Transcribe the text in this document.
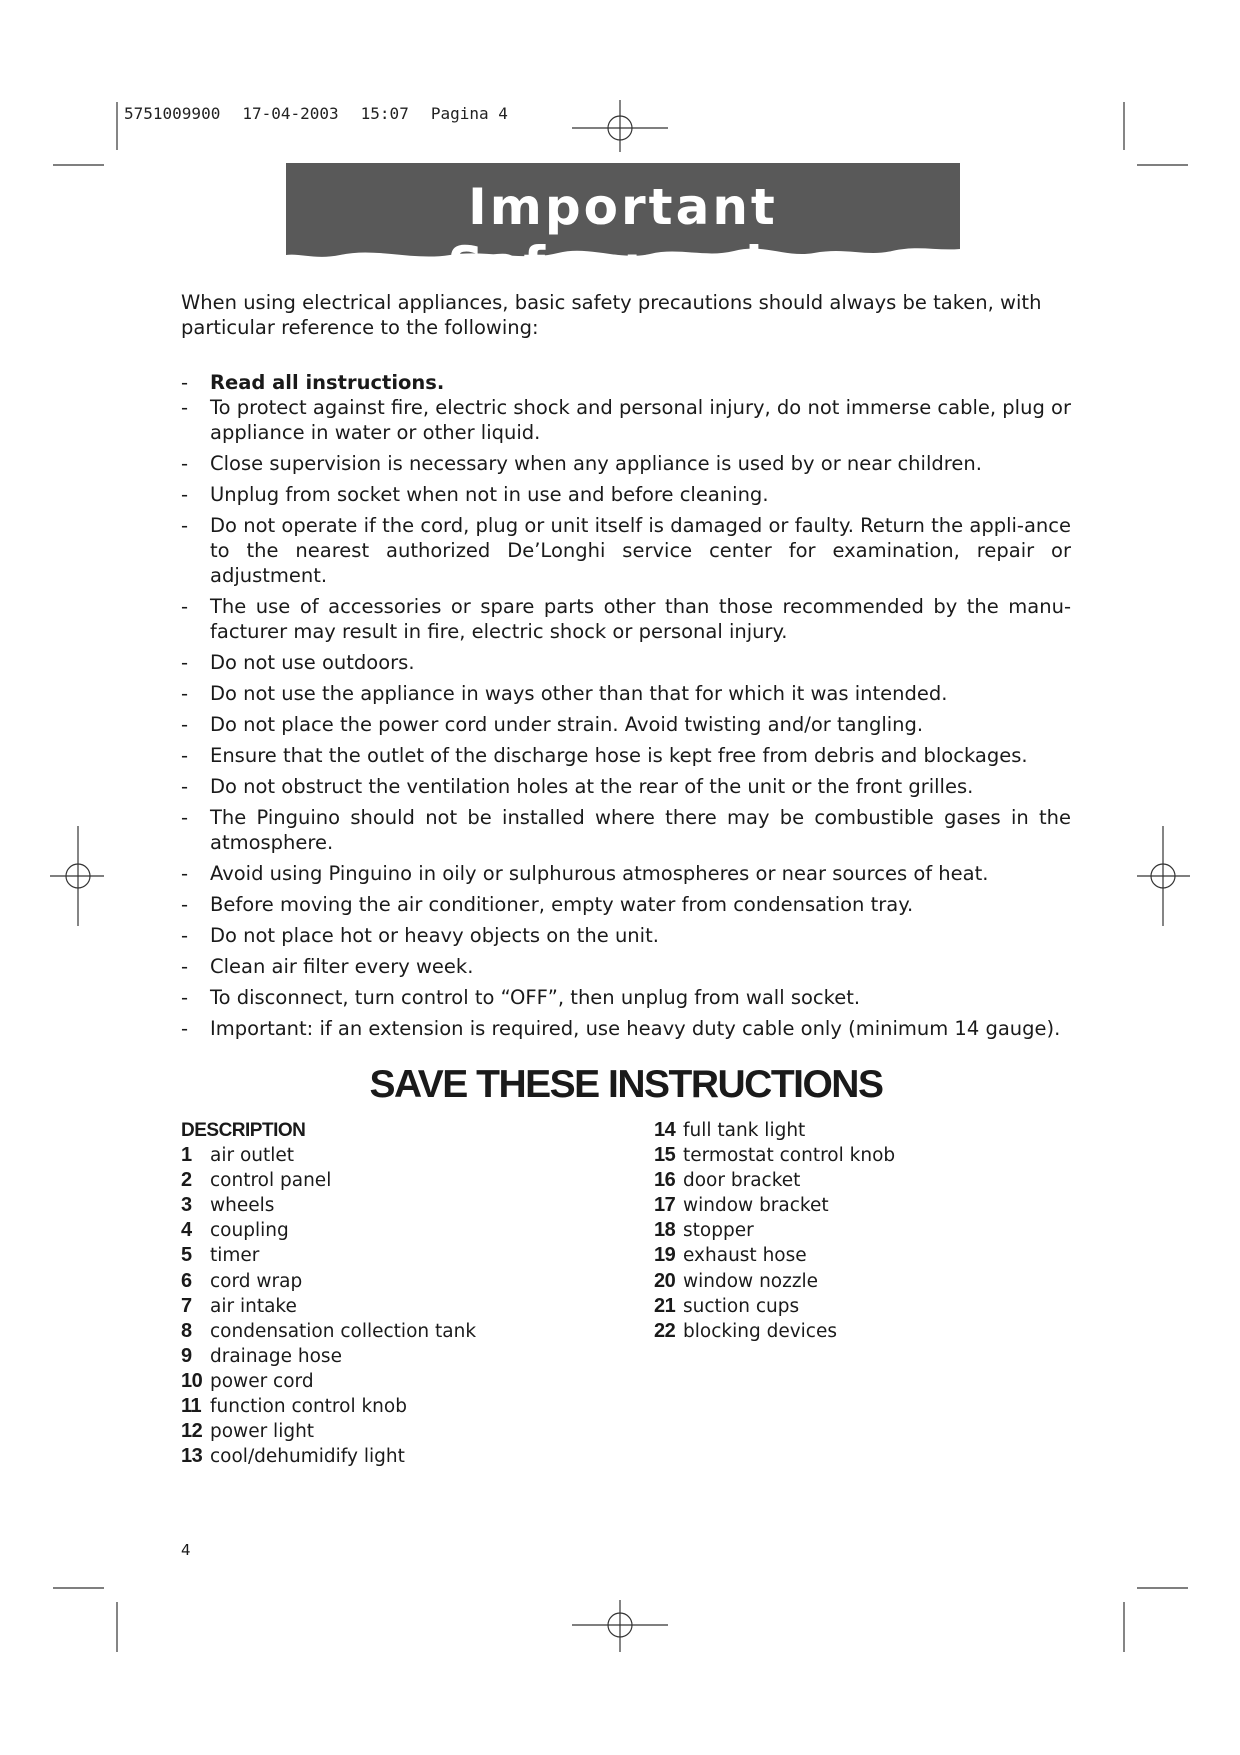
5751009900 17-04-2003 15:07 Pagina 4
Important Safeguards

When using electrical appliances, basic safety precautions should always be taken, with particular reference to the following:

- Read all instructions.
- To protect against fire, electric shock and personal injury, do not immerse cable, plug or appliance in water or other liquid.
- Close supervision is necessary when any appliance is used by or near children.
- Unplug from socket when not in use and before cleaning.
- Do not operate if the cord, plug or unit itself is damaged or faulty. Return the appli-ance to the nearest authorized De’Longhi service center for examination, repair or adjustment.
- The use of accessories or spare parts other than those recommended by the manu-facturer may result in fire, electric shock or personal injury.
- Do not use outdoors.
- Do not use the appliance in ways other than that for which it was intended.
- Do not place the power cord under strain. Avoid twisting and/or tangling.
- Ensure that the outlet of the discharge hose is kept free from debris and blockages.
- Do not obstruct the ventilation holes at the rear of the unit or the front grilles.
- The Pinguino should not be installed where there may be combustible gases in the atmosphere.
- Avoid using Pinguino in oily or sulphurous atmospheres or near sources of heat.
- Before moving the air conditioner, empty water from condensation tray.
- Do not place hot or heavy objects on the unit.
- Clean air filter every week.
- To disconnect, turn control to “OFF”, then unplug from wall socket.
- Important: if an extension is required, use heavy duty cable only (minimum 14 gauge).
SAVE THESE INSTRUCTIONS
DESCRIPTION
1 air outlet
2 control panel
3 wheels
4 coupling
5 timer
6 cord wrap
7 air intake
8 condensation collection tank
9 drainage hose
10 power cord
11 function control knob
12 power light
13 cool/dehumidify light
14 full tank light
15 termostat control knob
16 door bracket
17 window bracket
18 stopper
19 exhaust hose
20 window nozzle
21 suction cups
22 blocking devices

4
